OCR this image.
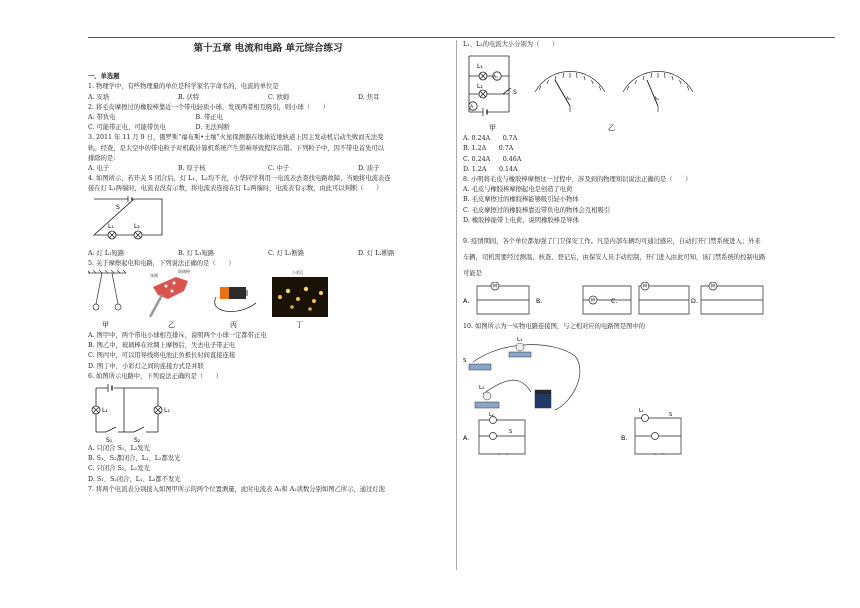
第十五章 电流和电路 单元综合练习
一、单选题
1. 物理学中，有些物理量的单位是科学家名字命名的，电流的单位是
A. 安培	B. 伏特	C. 欧姆	D. 焦耳
2. 将毛皮摩擦过的橡胶棒靠近一个带电轻质小球，发现两者相互吸引，则小球（　　）
A. 带负电	B. 带正电
C. 可能带正电，可能带负电	D. 无法判断
3. 2011 年 11 月 9 日，俄罗斯“福布斯•土壤”火星探测器在地球近地轨道上因主发动机启动失败而无法变
轨。经查，是太空中的带电粒子对机载计算机系统产生影响导致程序出错。下列粒子中，因不带电首先可以
排除的是：
A. 电子	B. 原子核	C. 中子	D. 质子
4. 如图所示，若开关 S 闭合后，灯 L₁、L₂均不亮，小华同学利用一电流表去查找电路故障，当她将电流表连
接在灯 L₁两端时，电流表没有示数，将电流表连接在灯 L₂两端时，电流表有示数，由此可以判断（　　）
S
L₁	L₂
A. 灯 L₁短路	B. 灯 L₁短路	C. 灯 L₁断路	D. 灯 L₂断路
5. 关于摩擦起电和电路，下列说法正确的是（　　）
甲
丝绸
玻璃棒
乙	丙
小彩灯
丁
A. 图甲中，两个带电小球相互排斥，说明两个小球一定都带正电
B. 图乙中，玻璃棒在丝绸上摩擦后，失去电子带正电
C. 图丙中，可以用导线将电池正负极长时间直接连接
D. 图丁中，小彩灯之间的连接方式是并联
6. 如图所示电路中，下列说法正确的是（　　）
L₁	L₂
S₁	S₂
A. 只闭合 S₁，L₂发光
B. S₁、S₂都闭合，L₁、L₂都发光
C. 只闭合 S₂，L₁发光
D. S₁、S₂闭合，L₁、L₂都不发光
7. 将两个电流表分别接入如图甲所示的两个位置测量，此时电流表 A₁和 A₂读数分别如图乙所示，通过灯泡
L₁、L₂的电流大小分别为（　　）
L₁
L₂
A₁
A
S
甲
A₁	A₂
乙
A. 0.24A　　0.7A
B. 1.2A　　0.7A
C. 0.24A　　0.46A
D. 1.2A　　0.14A
8. 小明将毛皮与橡胶棒摩擦这一过程中，涉及到的物理知识说法正确的是（　　）
A. 毛皮与橡胶棒摩擦起电是创造了电荷
B. 毛皮摩擦过的橡胶棒能够吸引轻小物体
C. 毛皮摩擦过的橡胶棒靠近带负电的物体会互相吸引
D. 橡胶棒能带上电荷，说明橡胶棒是导体
9. 疫情期间，各个单位都加强了门卫保安工作。凡是内部车辆均可通过感应，自动打开门禁系统进入；外来
车辆，司机需要经过测温、核查、登记后，由保安人员手动控制，开门进入由此可知，该门禁系统的控制电路
可能是
M
M
M	M
A.	B.	C.	D.
10. 如图所示为一实物电路连接图，与之相对应的电路图是图中的
L₁
L₂
S
L₂
S
A.
L₁
S
B.
